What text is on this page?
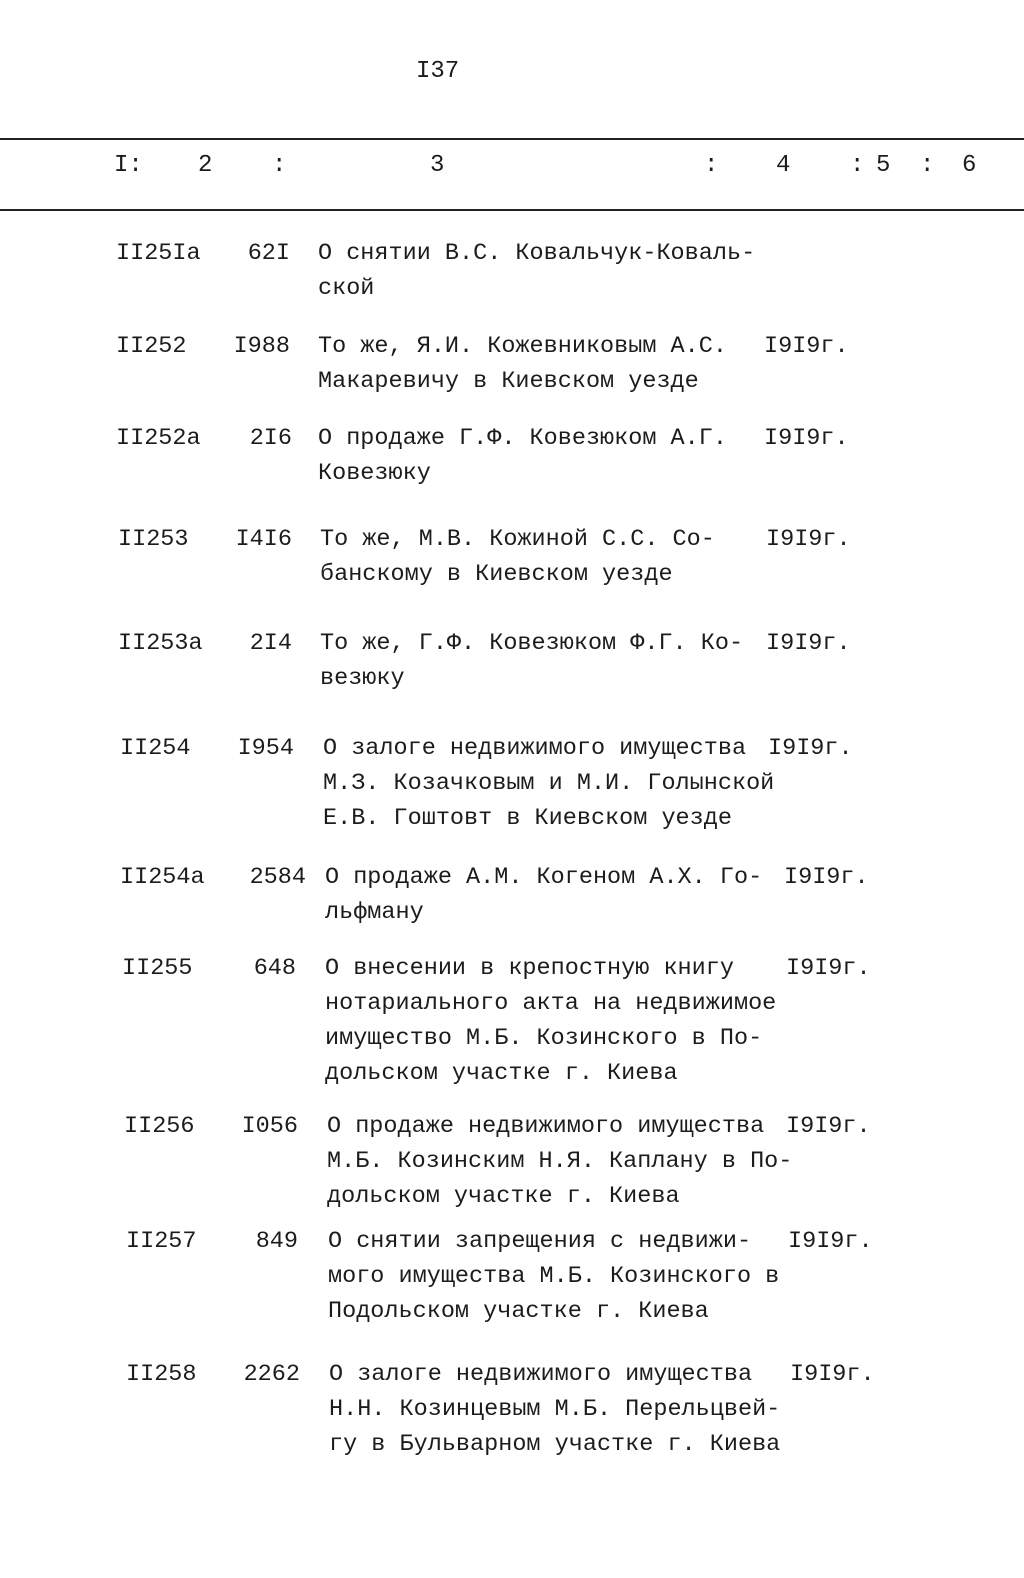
I37
I: 2 :	3	: 4 : 5 : 6
II25Iа	62I О снятии В.С. Ковальчук-Коваль-
ской
II252	I988 То же, Я.И. Кожевниковым А.С.
Макаревичу в Киевском уезде
I9I9г.
II252а	2I6 О продаже Г.Ф. Ковезюком А.Г.
Ковезюку
I9I9г.
II253	I4I6 То же, М.В. Кожиной С.С. Со-
банскому в Киевском уезде
I9I9г.
II253а	2I4 То же, Г.Ф. Ковезюком Ф.Г. Ко-
везюку
I9I9г.
II254	I954 О залоге недвижимого имущества
М.З. Козачковым и М.И. Голынской
Е.В. Гоштовт в Киевском уезде
I9I9г.
II254а	2584 О продаже А.М. Когеном А.Х. Го-
льфману
I9I9г.
II255	648 О внесении в крепостную книгу
нотариального акта на недвижимое
имущество М.Б. Козинского в По-
дольском участке г. Киева
I9I9г.
II256	I056 О продаже недвижимого имущества
М.Б. Козинским Н.Я. Каплану в По-
дольском участке г. Киева
I9I9г.
II257	849 О снятии запрещения с недвижи-
мого имущества М.Б. Козинского в
Подольском участке г. Киева
I9I9г.
II258	2262 О залоге недвижимого имущества
Н.Н. Козинцевым М.Б. Перельцвей-
гу в Бульварном участке г. Киева
I9I9г.
